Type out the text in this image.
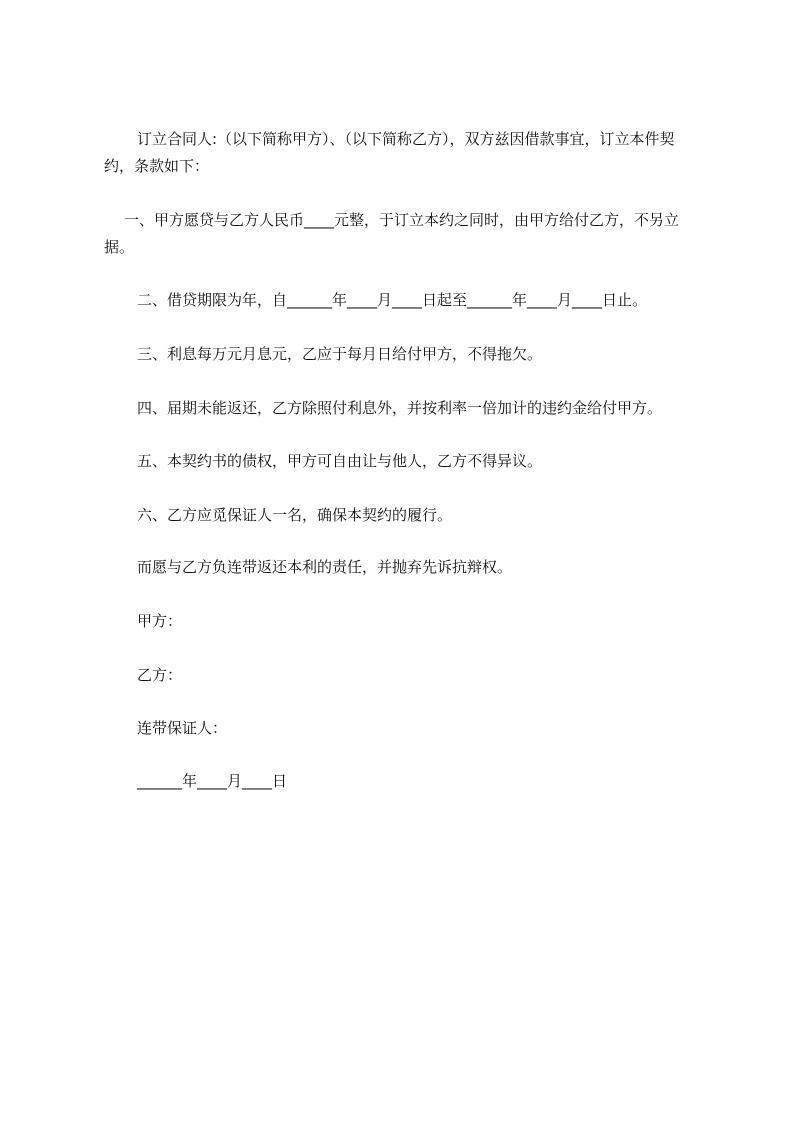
订立合同人:（以下简称甲方）、（以下简称乙方），双方兹因借款事宜，订立本件契约，条款如下：

一、甲方愿贷与乙方人民币____元整，于订立本约之同时，由甲方给付乙方，不另立据。

二、借贷期限为年，自______年____月____日起至______年____月____日止。

三、利息每万元月息元，乙应于每月日给付甲方，不得拖欠。

四、届期未能返还，乙方除照付利息外，并按利率一倍加计的违约金给付甲方。

五、本契约书的债权，甲方可自由让与他人，乙方不得异议。

六、乙方应觅保证人一名，确保本契约的履行。

而愿与乙方负连带返还本利的责任，并抛弃先诉抗辩权。

甲方：

乙方：

连带保证人：

______年____月____日
